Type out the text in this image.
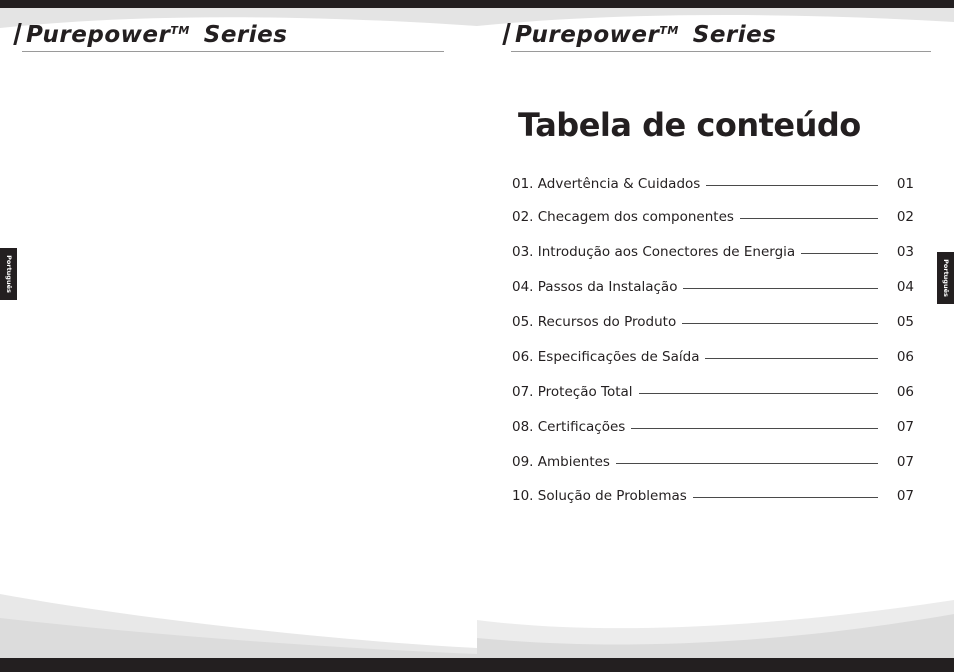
Purepower™ Series
Português
Purepower™ Series
Português
Tabela de conteúdo
01. Advertência & Cuidados	01
02. Checagem dos componentes	02
03. Introdução aos Conectores de Energia	03
04. Passos da Instalação	04
05. Recursos do Produto	05
06. Especificações de Saída	06
07. Proteção Total	06
08. Certificações	07
09. Ambientes	07
10. Solução de Problemas	07
